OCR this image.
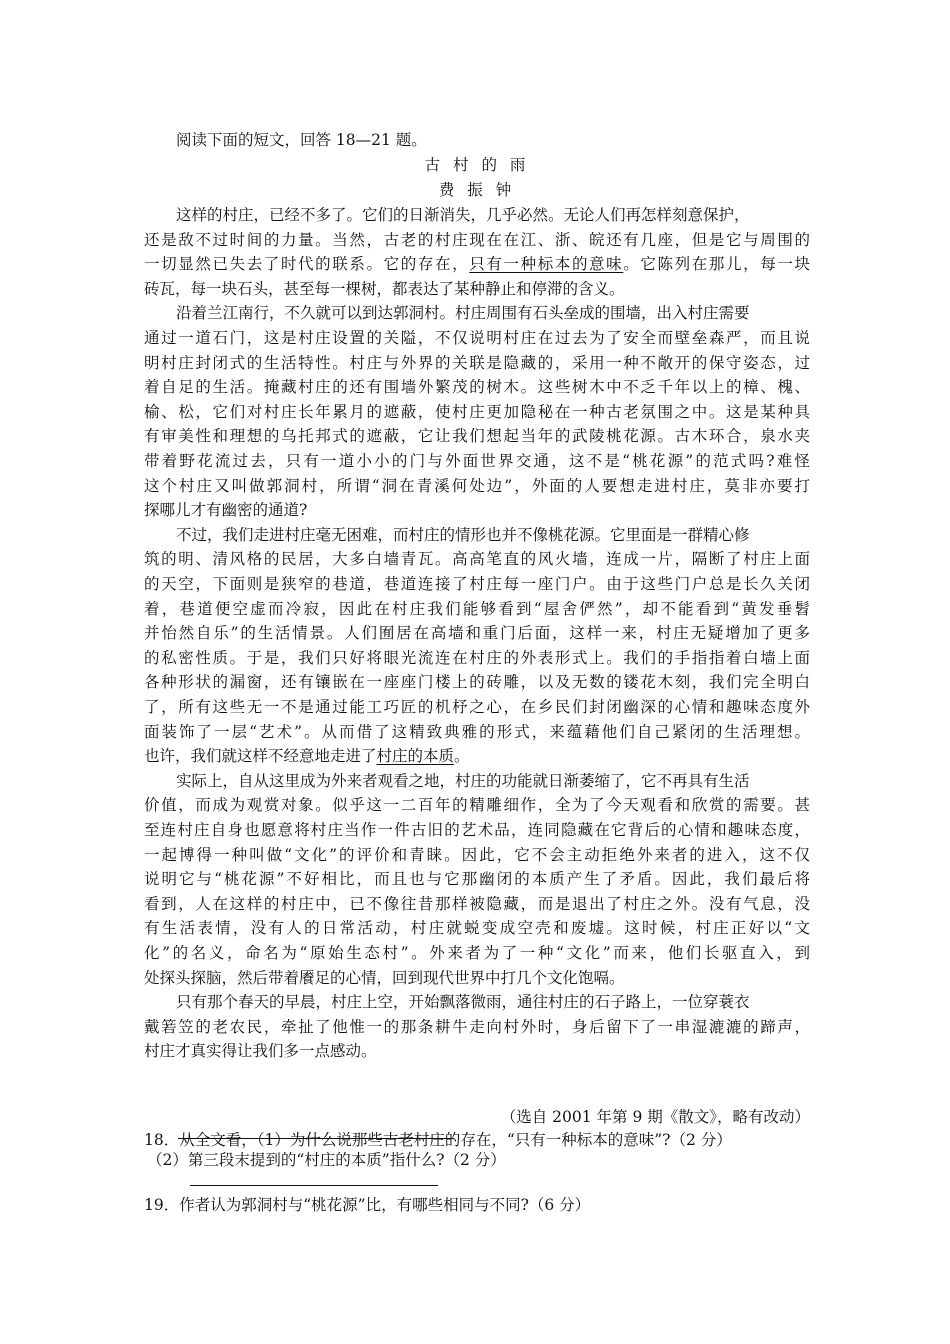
阅读下面的短文，回答 18—21 题。
古 村 的 雨
费 振 钟
这样的村庄，已经不多了。它们的日渐消失，几乎必然。无论人们再怎样刻意保护，
还是敌不过时间的力量。当然，古老的村庄现在在江、浙、皖还有几座，但是它与周围的
一切显然已失去了时代的联系。它的存在，只有一种标本的意味。它陈列在那儿，每一块
砖瓦，每一块石头，甚至每一棵树，都表达了某种静止和停滞的含义。
沿着兰江南行，不久就可以到达郭洞村。村庄周围有石头垒成的围墙，出入村庄需要
通过一道石门，这是村庄设置的关隘，不仅说明村庄在过去为了安全而壁垒森严，而且说
明村庄封闭式的生活特性。村庄与外界的关联是隐藏的，采用一种不敞开的保守姿态，过
着自足的生活。掩藏村庄的还有围墙外繁茂的树木。这些树木中不乏千年以上的樟、槐、
榆、松，它们对村庄长年累月的遮蔽，使村庄更加隐秘在一种古老氛围之中。这是某种具
有审美性和理想的乌托邦式的遮蔽，它让我们想起当年的武陵桃花源。古木环合，泉水夹
带着野花流过去，只有一道小小的门与外面世界交通，这不是“桃花源”的范式吗?难怪
这个村庄又叫做郭洞村，所谓“洞在青溪何处边”，外面的人要想走进村庄，莫非亦要打
探哪儿才有幽密的通道?
不过，我们走进村庄毫无困难，而村庄的情形也并不像桃花源。它里面是一群精心修
筑的明、清风格的民居，大多白墙青瓦。高高笔直的风火墙，连成一片，隔断了村庄上面
的天空，下面则是狭窄的巷道，巷道连接了村庄每一座门户。由于这些门户总是长久关闭
着，巷道便空虚而冷寂，因此在村庄我们能够看到“屋舍俨然”，却不能看到“黄发垂髫
并怡然自乐”的生活情景。人们囿居在高墙和重门后面，这样一来，村庄无疑增加了更多
的私密性质。于是，我们只好将眼光流连在村庄的外表形式上。我们的手指指着白墙上面
各种形状的漏窗，还有镶嵌在一座座门楼上的砖雕，以及无数的镂花木刻，我们完全明白
了，所有这些无一不是通过能工巧匠的机杼之心，在乡民们封闭幽深的心情和趣味态度外
面装饰了一层“艺术”。从而借了这精致典雅的形式，来蕴藉他们自己紧闭的生活理想。
也许，我们就这样不经意地走进了村庄的本质。
实际上，自从这里成为外来者观看之地，村庄的功能就日渐萎缩了，它不再具有生活
价值，而成为观赏对象。似乎这一二百年的精雕细作，全为了今天观看和欣赏的需要。甚
至连村庄自身也愿意将村庄当作一件古旧的艺术品，连同隐藏在它背后的心情和趣味态度，
一起博得一种叫做“文化”的评价和青睐。因此，它不会主动拒绝外来者的进入，这不仅
说明它与“桃花源”不好相比，而且也与它那幽闭的本质产生了矛盾。因此，我们最后将
看到，人在这样的村庄中，已不像往昔那样被隐藏，而是退出了村庄之外。没有气息，没
有生活表情，没有人的日常活动，村庄就蜕变成空壳和废墟。这时候，村庄正好以“文
化”的名义，命名为“原始生态村”。外来者为了一种“文化”而来，他们长驱直入，到
处探头探脑，然后带着餍足的心情，回到现代世界中打几个文化饱嗝。
只有那个春天的早晨，村庄上空，开始飘落微雨，通往村庄的石子路上，一位穿蓑衣
戴箬笠的老农民，牵扯了他惟一的那条耕牛走向村外时，身后留下了一串湿漉漉的蹄声，
村庄才真实得让我们多一点感动。
（选自 2001 年第 9 期《散文》，略有改动）
18．从全文看，（1）为什么说那些古老村庄的存在，“只有一种标本的意味”?（2 分）
（2）第三段末提到的“村庄的本质”指什么?（2 分）
19．作者认为郭洞村与“桃花源”比，有哪些相同与不同?（6 分）
